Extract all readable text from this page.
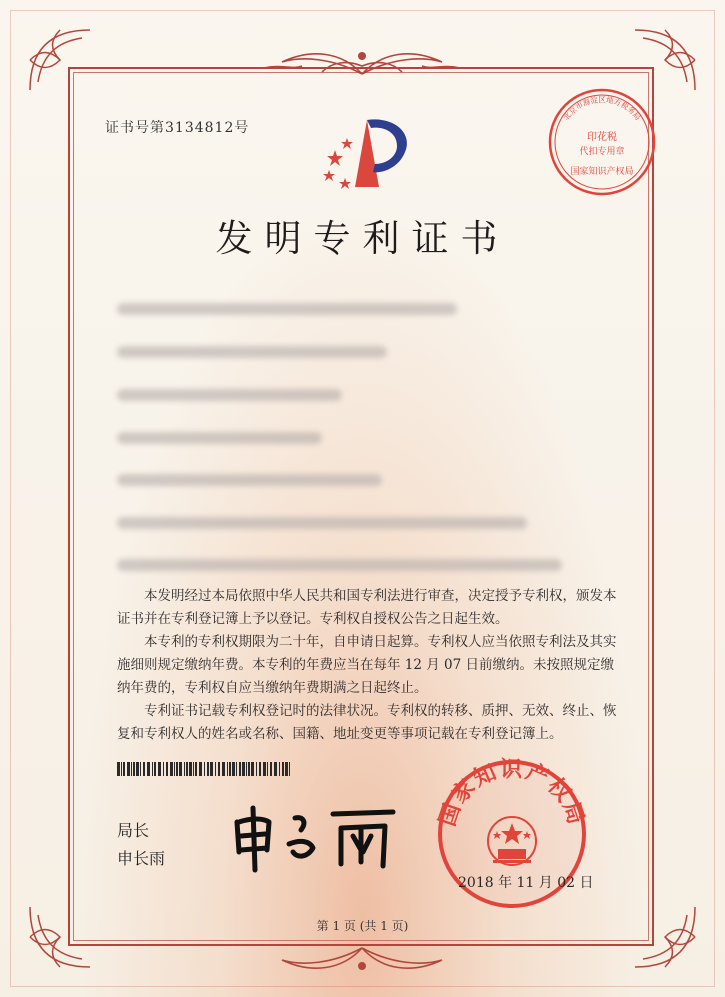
证书号第3134812号
印花税
代扣专用章
国家知识产权局
北京市海淀区地方税务局
发明专利证书

本发明经过本局依照中华人民共和国专利法进行审查，决定授予专利权，颁发本证书并在专利登记簿上予以登记。专利权自授权公告之日起生效。

本专利的专利权期限为二十年，自申请日起算。专利权人应当依照专利法及其实施细则规定缴纳年费。本专利的年费应当在每年 12 月 07 日前缴纳。未按照规定缴纳年费的，专利权自应当缴纳年费期满之日起终止。

专利证书记载专利权登记时的法律状况。专利权的转移、质押、无效、终止、恢复和专利权人的姓名或名称、国籍、地址变更等事项记载在专利登记簿上。

局长
申长雨
国家知识产权局
2018 年 11 月 02 日
第 1 页 (共 1 页)
